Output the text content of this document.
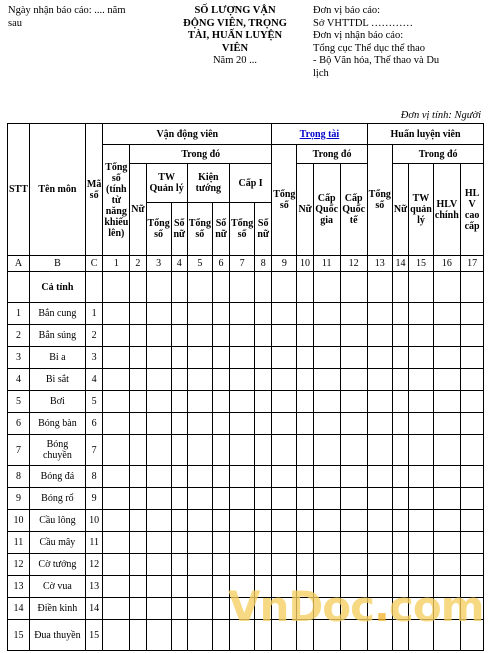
Ngày nhận báo cáo: .... năm
sau
SỐ LƯỢNG VẬN
ĐỘNG VIÊN, TRỌNG
TÀI, HUẤN LUYỆN
VIÊN
Năm 20 ...
Đơn vị báo cáo:
Sở VHTTDL …………
Đơn vị nhận báo cáo:
Tổng cục Thể dục thể thao
- Bộ Văn hóa, Thể thao và Du
lịch
Đơn vị tính: Người
STT	Tên môn	Mã số	Vận động viên								Trọng tài				Huấn luyện viên				
			Tổng số (tính từ năng khiếu lên)	Trong đó							Tổng số	Trong đó			Tổng số	Trong đó			
				Nữ	TW Quản lý		Kiện tướng		Cấp I			Nữ	Cấp Quốc gia	Cấp Quốc tế		Nữ	TW quản lý	HLV chính	HLV cao cấp
					Tổng số	Số nữ	Tổng số	Số nữ	Tổng số	Số nữ									
A	B	C	1	2	3	4	5	6	7	8	9	10	11	12	13	14	15	16	17
	Cả tỉnh																		
1	Bắn cung	1																	
2	Bắn súng	2																	
3	Bi a	3																	
4	Bi sắt	4																	
5	Bơi	5																	
6	Bóng bàn	6																	
7	Bóng chuyền	7																	
8	Bóng đá	8																	
9	Bóng rổ	9																	
10	Cầu lông	10																	
11	Cầu mây	11																	
12	Cờ tướng	12																	
13	Cờ vua	13																	
14	Điền kinh	14																	
15	Đua thuyền	15																	
VnDoc.com
